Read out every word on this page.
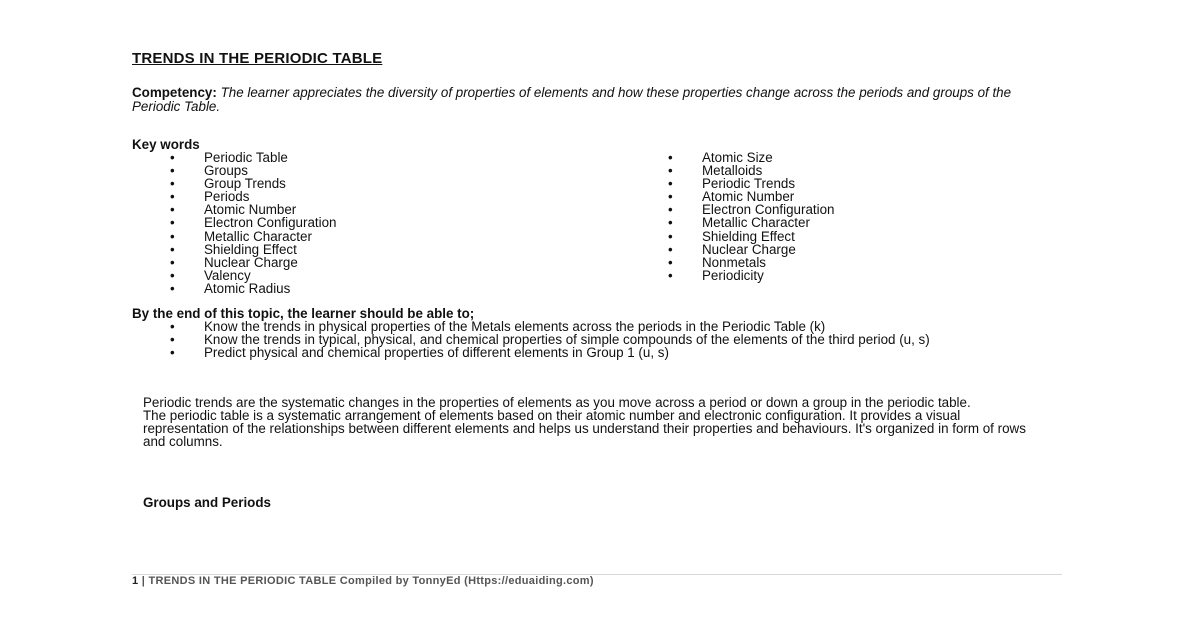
TRENDS IN THE PERIODIC TABLE
Competency: The learner appreciates the diversity of properties of elements and how these properties change across the periods and groups of the Periodic Table.
Key words
• Periodic Table
• Groups
• Group Trends
• Periods
• Atomic Number
• Electron Configuration
• Metallic Character
• Shielding Effect
• Nuclear Charge
• Valency
• Atomic Radius
• Atomic Size
• Metalloids
• Periodic Trends
• Atomic Number
• Electron Configuration
• Metallic Character
• Shielding Effect
• Nuclear Charge
• Nonmetals
• Periodicity
By the end of this topic, the learner should be able to;
• Know the trends in physical properties of the Metals elements across the periods in the Periodic Table (k)
• Know the trends in typical, physical, and chemical properties of simple compounds of the elements of the third period (u, s)
• Predict physical and chemical properties of different elements in Group 1 (u, s)
Periodic trends are the systematic changes in the properties of elements as you move across a period or down a group in the periodic table.
The periodic table is a systematic arrangement of elements based on their atomic number and electronic configuration. It provides a visual representation of the relationships between different elements and helps us understand their properties and behaviours. It's organized in form of rows and columns.
Groups and Periods
1 | TRENDS IN THE PERIODIC TABLE Compiled by TonnyEd (Https://eduaiding.com)
